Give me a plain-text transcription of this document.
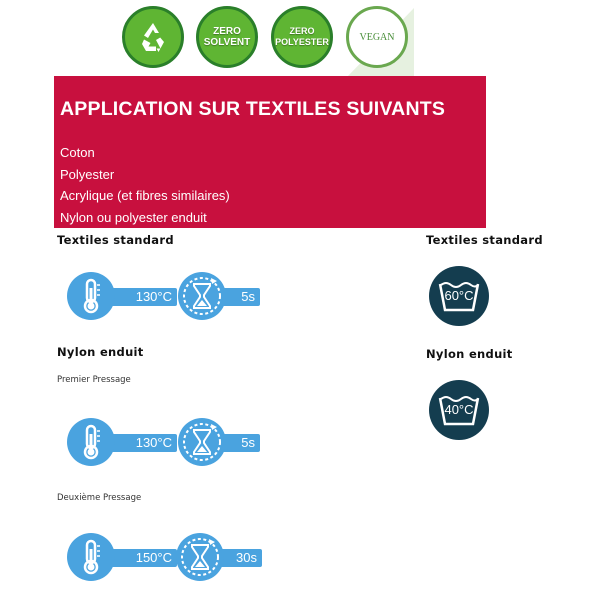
ZERO
SOLVENT
ZERO
POLYESTER	VEGAN
APPLICATION SUR TEXTILES SUIVANTS
Coton
Polyester
Acrylique (et fibres similaires)
Nylon ou polyester enduit
Textiles standard
130°C	5s
Nylon enduit
Premier Pressage
130°C	5s
Deuxième Pressage
150°C	30s
Textiles standard
60°C
Nylon enduit
40°C
